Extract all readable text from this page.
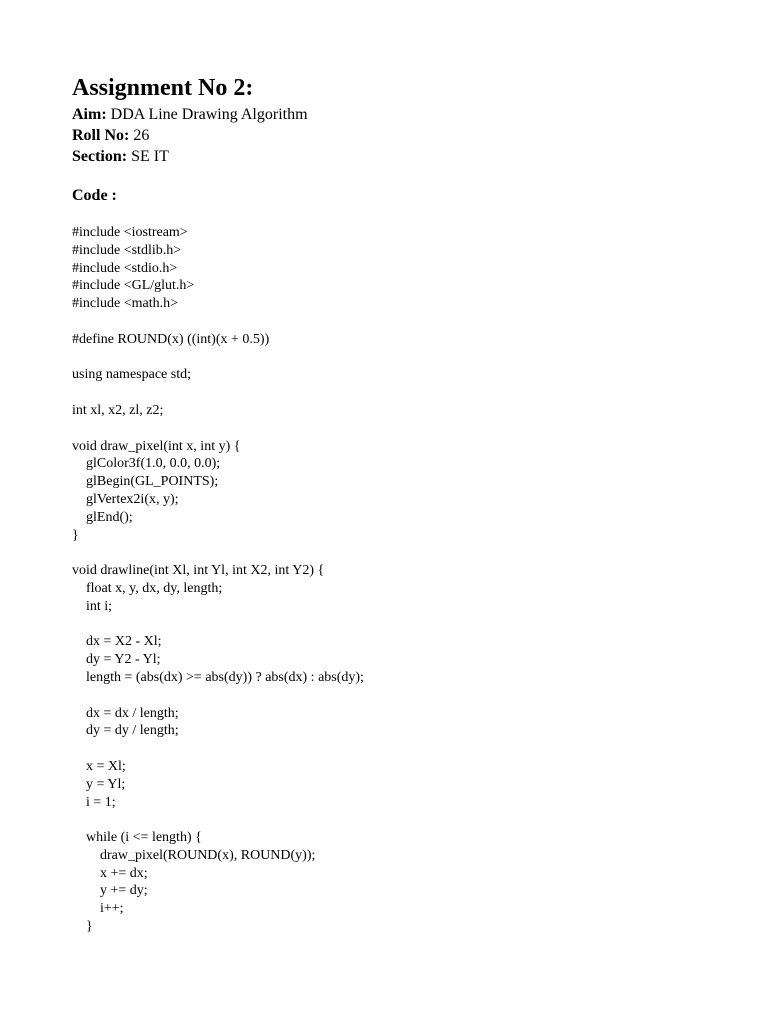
Assignment No 2:
Aim: DDA Line Drawing Algorithm
Roll No: 26
Section: SE IT
Code :
#include <iostream>
#include <stdlib.h>
#include <stdio.h>
#include <GL/glut.h>
#include <math.h>
#define ROUND(x) ((int)(x + 0.5))
using namespace std;
int xl, x2, zl, z2;
void draw_pixel(int x, int y) {
glColor3f(1.0, 0.0, 0.0);
glBegin(GL_POINTS);
glVertex2i(x, y);
glEnd();
}
void drawline(int Xl, int Yl, int X2, int Y2) {
float x, y, dx, dy, length;
int i;
dx = X2 - Xl;
dy = Y2 - Yl;
length = (abs(dx) >= abs(dy)) ? abs(dx) : abs(dy);
dx = dx / length;
dy = dy / length;
x = Xl;
y = Yl;
i = 1;
while (i <= length) {
draw_pixel(ROUND(x), ROUND(y));
x += dx;
y += dy;
i++;
}
